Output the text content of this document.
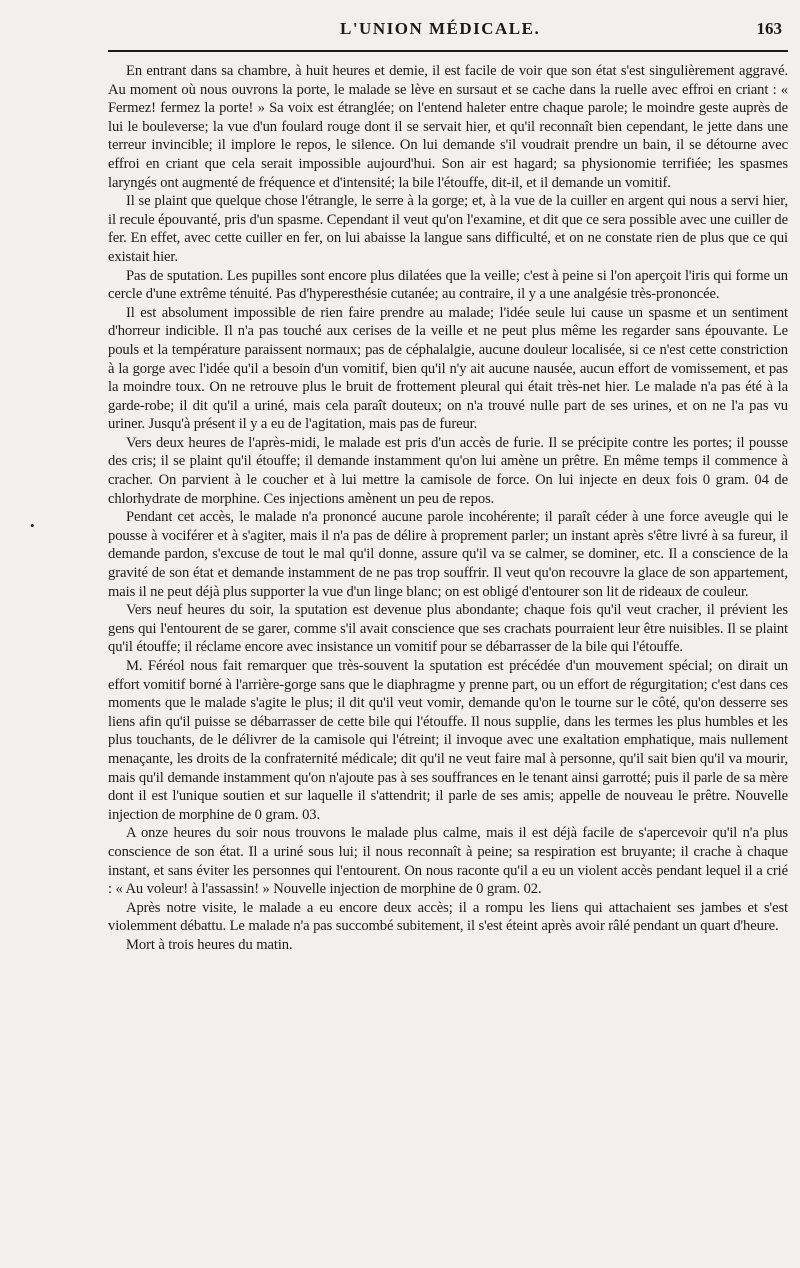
L'UNION MÉDICALE.	163
•

En entrant dans sa chambre, à huit heures et demie, il est facile de voir que son état s'est singulièrement aggravé. Au moment où nous ouvrons la porte, le malade se lève en sursaut et se cache dans la ruelle avec effroi en criant : « Fermez! fermez la porte! » Sa voix est étranglée; on l'entend haleter entre chaque parole; le moindre geste auprès de lui le bouleverse; la vue d'un foulard rouge dont il se servait hier, et qu'il reconnaît bien cependant, le jette dans une terreur invincible; il implore le repos, le silence. On lui demande s'il voudrait prendre un bain, il se détourne avec effroi en criant que cela serait impossible aujourd'hui. Son air est hagard; sa physionomie terrifiée; les spasmes laryngés ont augmenté de fréquence et d'intensité; la bile l'étouffe, dit-il, et il demande un vomitif.

Il se plaint que quelque chose l'étrangle, le serre à la gorge; et, à la vue de la cuiller en argent qui nous a servi hier, il recule épouvanté, pris d'un spasme. Cependant il veut qu'on l'examine, et dit que ce sera possible avec une cuiller de fer. En effet, avec cette cuiller en fer, on lui abaisse la langue sans difficulté, et on ne constate rien de plus que ce qui existait hier.

Pas de sputation. Les pupilles sont encore plus dilatées que la veille; c'est à peine si l'on aperçoit l'iris qui forme un cercle d'une extrême ténuité. Pas d'hyperesthésie cutanée; au contraire, il y a une analgésie très-prononcée.

Il est absolument impossible de rien faire prendre au malade; l'idée seule lui cause un spasme et un sentiment d'horreur indicible. Il n'a pas touché aux cerises de la veille et ne peut plus même les regarder sans épouvante. Le pouls et la température paraissent normaux; pas de céphalalgie, aucune douleur localisée, si ce n'est cette constriction à la gorge avec l'idée qu'il a besoin d'un vomitif, bien qu'il n'y ait aucune nausée, aucun effort de vomissement, et pas la moindre toux. On ne retrouve plus le bruit de frottement pleural qui était très-net hier. Le malade n'a pas été à la garde-robe; il dit qu'il a uriné, mais cela paraît douteux; on n'a trouvé nulle part de ses urines, et on ne l'a pas vu uriner. Jusqu'à présent il y a eu de l'agitation, mais pas de fureur.

Vers deux heures de l'après-midi, le malade est pris d'un accès de furie. Il se précipite contre les portes; il pousse des cris; il se plaint qu'il étouffe; il demande instamment qu'on lui amène un prêtre. En même temps il commence à cracher. On parvient à le coucher et à lui mettre la camisole de force. On lui injecte en deux fois 0 gram. 04 de chlorhydrate de morphine. Ces injections amènent un peu de repos.

Pendant cet accès, le malade n'a prononcé aucune parole incohérente; il paraît céder à une force aveugle qui le pousse à vociférer et à s'agiter, mais il n'a pas de délire à proprement parler; un instant après s'être livré à sa fureur, il demande pardon, s'excuse de tout le mal qu'il donne, assure qu'il va se calmer, se dominer, etc. Il a conscience de la gravité de son état et demande instamment de ne pas trop souffrir. Il veut qu'on recouvre la glace de son appartement, mais il ne peut déjà plus supporter la vue d'un linge blanc; on est obligé d'entourer son lit de rideaux de couleur.

Vers neuf heures du soir, la sputation est devenue plus abondante; chaque fois qu'il veut cracher, il prévient les gens qui l'entourent de se garer, comme s'il avait conscience que ses crachats pourraient leur être nuisibles. Il se plaint qu'il étouffe; il réclame encore avec insistance un vomitif pour se débarrasser de la bile qui l'étouffe.

M. Féréol nous fait remarquer que très-souvent la sputation est précédée d'un mouvement spécial; on dirait un effort vomitif borné à l'arrière-gorge sans que le diaphragme y prenne part, ou un effort de régurgitation; c'est dans ces moments que le malade s'agite le plus; il dit qu'il veut vomir, demande qu'on le tourne sur le côté, qu'on desserre ses liens afin qu'il puisse se débarrasser de cette bile qui l'étouffe. Il nous supplie, dans les termes les plus humbles et les plus touchants, de le délivrer de la camisole qui l'étreint; il invoque avec une exaltation emphatique, mais nullement menaçante, les droits de la confraternité médicale; dit qu'il ne veut faire mal à personne, qu'il sait bien qu'il va mourir, mais qu'il demande instamment qu'on n'ajoute pas à ses souffrances en le tenant ainsi garrotté; puis il parle de sa mère dont il est l'unique soutien et sur laquelle il s'attendrit; il parle de ses amis; appelle de nouveau le prêtre. Nouvelle injection de morphine de 0 gram. 03.

A onze heures du soir nous trouvons le malade plus calme, mais il est déjà facile de s'apercevoir qu'il n'a plus conscience de son état. Il a uriné sous lui; il nous reconnaît à peine; sa respiration est bruyante; il crache à chaque instant, et sans éviter les personnes qui l'entourent. On nous raconte qu'il a eu un violent accès pendant lequel il a crié : « Au voleur! à l'assassin! » Nouvelle injection de morphine de 0 gram. 02.

Après notre visite, le malade a eu encore deux accès; il a rompu les liens qui attachaient ses jambes et s'est violemment débattu. Le malade n'a pas succombé subitement, il s'est éteint après avoir râlé pendant un quart d'heure.

Mort à trois heures du matin.
